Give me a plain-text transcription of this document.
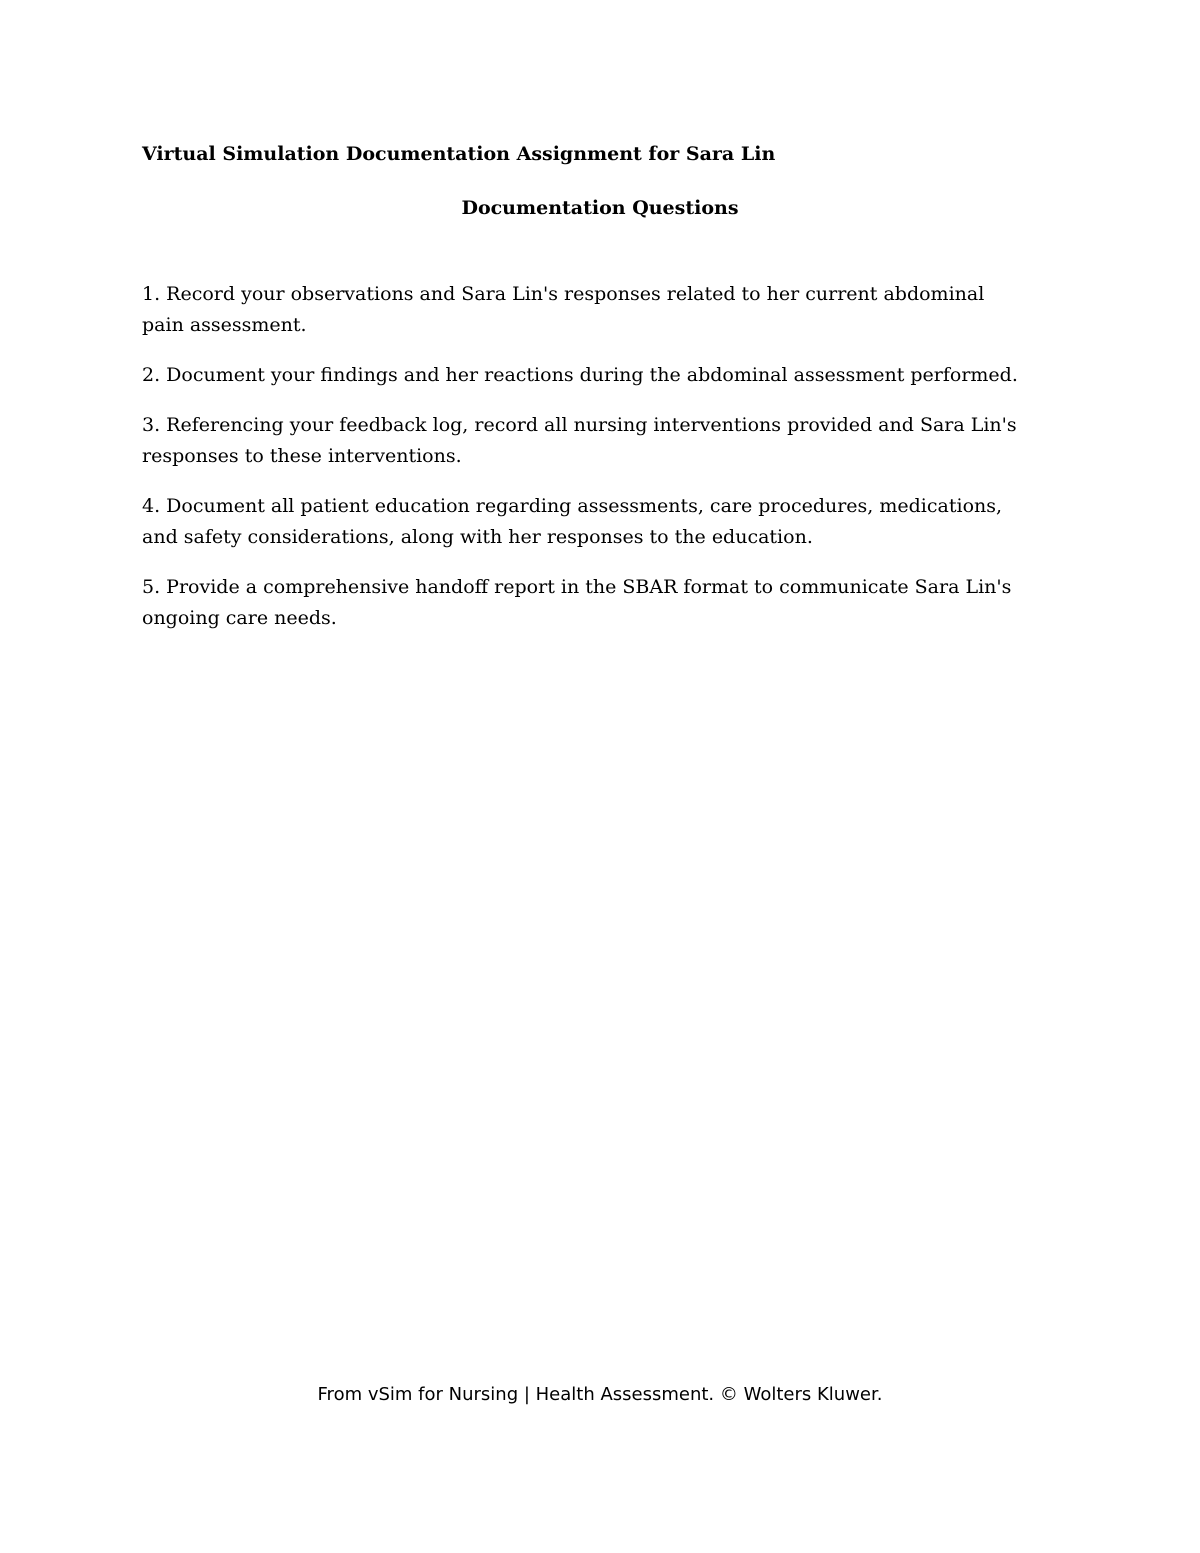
Virtual Simulation Documentation Assignment for Sara Lin
Documentation Questions
1. Record your observations and Sara Lin's responses related to her current abdominal pain assessment.
2. Document your findings and her reactions during the abdominal assessment performed.
3. Referencing your feedback log, record all nursing interventions provided and Sara Lin's responses to these interventions.
4. Document all patient education regarding assessments, care procedures, medications, and safety considerations, along with her responses to the education.
5. Provide a comprehensive handoff report in the SBAR format to communicate Sara Lin's ongoing care needs.

From vSim for Nursing | Health Assessment. © Wolters Kluwer.
